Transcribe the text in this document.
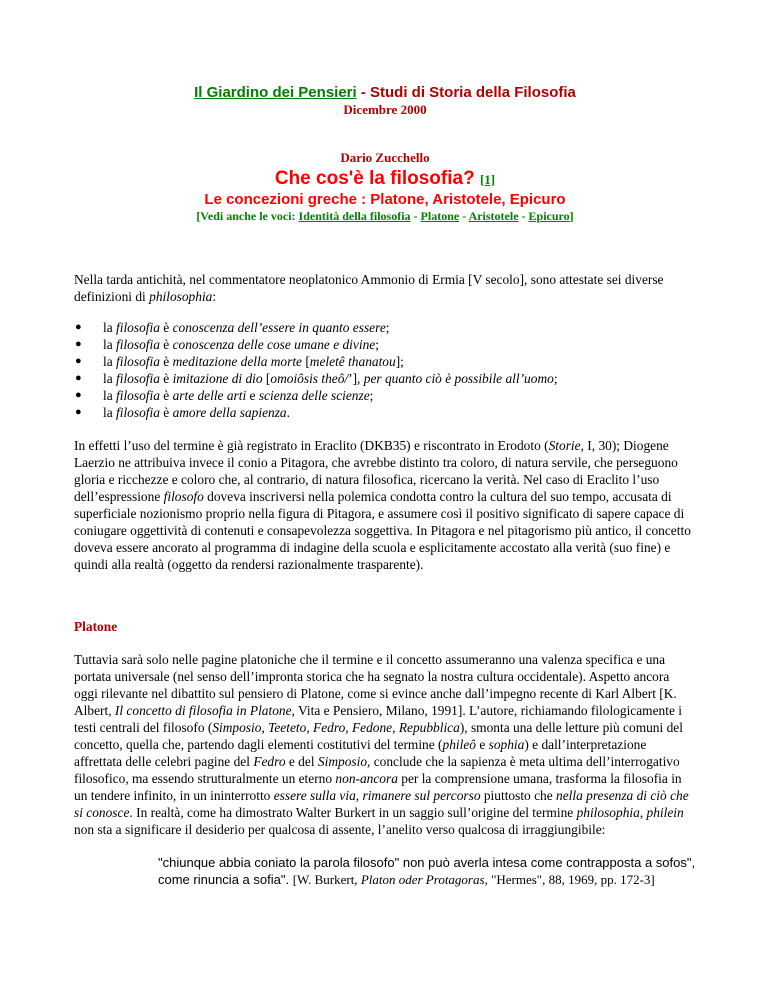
Il Giardino dei Pensieri - Studi di Storia della Filosofia
Dicembre 2000
Dario Zucchello
Che cos'è la filosofia? [1]
Le concezioni greche : Platone, Aristotele, Epicuro
[Vedi anche le voci: Identità della filosofia - Platone - Aristotele - Epicuro]

Nella tarda antichità, nel commentatore neoplatonico Ammonio di Ermia [V secolo], sono attestate sei diverse definizioni di philosophia:

● la filosofia è conoscenza dell’essere in quanto essere;
● la filosofia è conoscenza delle cose umane e divine;
● la filosofia è meditazione della morte [meletê thanatou];
● la filosofia è imitazione di dio [omoiôsis theô/’], per quanto ciò è possibile all’uomo;
● la filosofia è arte delle arti e scienza delle scienze;
● la filosofia è amore della sapienza.

In effetti l’uso del termine è già registrato in Eraclito (DKB35) e riscontrato in Erodoto (Storie, I, 30); Diogene Laerzio ne attribuiva invece il conio a Pitagora, che avrebbe distinto tra coloro, di natura servile, che perseguono gloria e ricchezze e coloro che, al contrario, di natura filosofica, ricercano la verità. Nel caso di Eraclito l’uso dell’espressione filosofo doveva inscriversi nella polemica condotta contro la cultura del suo tempo, accusata di superficiale nozionismo proprio nella figura di Pitagora, e assumere così il positivo significato di sapere capace di coniugare oggettività di contenuti e consapevolezza soggettiva. In Pitagora e nel pitagorismo più antico, il concetto doveva essere ancorato al programma di indagine della scuola e esplicitamente accostato alla verità (suo fine) e quindi alla realtà (oggetto da rendersi razionalmente trasparente).

Platone

Tuttavia sarà solo nelle pagine platoniche che il termine e il concetto assumeranno una valenza specifica e una portata universale (nel senso dell’impronta storica che ha segnato la nostra cultura occidentale). Aspetto ancora oggi rilevante nel dibattito sul pensiero di Platone, come si evince anche dall’impegno recente di Karl Albert [K. Albert, Il concetto di filosofia in Platone, Vita e Pensiero, Milano, 1991]. L’autore, richiamando filologicamente i testi centrali del filosofo (Simposio, Teeteto, Fedro, Fedone, Repubblica), smonta una delle letture più comuni del concetto, quella che, partendo dagli elementi costitutivi del termine (phileô e sophia) e dall’interpretazione affrettata delle celebri pagine del Fedro e del Simposio, conclude che la sapienza è meta ultima dell’interrogativo filosofico, ma essendo strutturalmente un eterno non-ancora per la comprensione umana, trasforma la filosofia in un tendere infinito, in un ininterrotto essere sulla via, rimanere sul percorso piuttosto che nella presenza di ciò che si conosce. In realtà, come ha dimostrato Walter Burkert in un saggio sull’origine del termine philosophia, philein non sta a significare il desiderio per qualcosa di assente, l’anelito verso qualcosa di irraggiungibile:

"chiunque abbia coniato la parola filosofo" non può averla intesa come contrapposta a sofos", come rinuncia a sofia". [W. Burkert, Platon oder Protagoras, "Hermes", 88, 1969, pp. 172-3]
